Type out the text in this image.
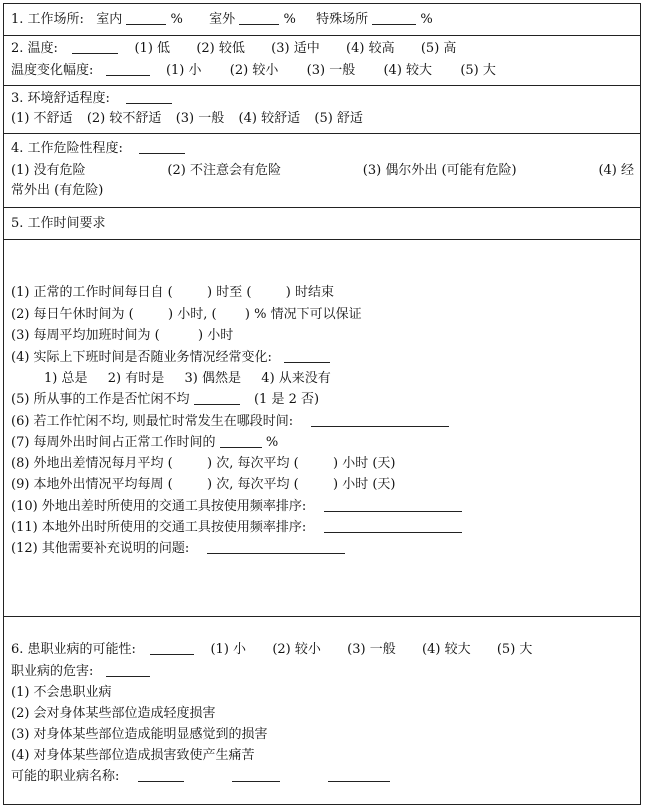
1. 工作场所: 室内	% 室外	% 特殊场所	%
2. 温度:	(1) 低 (2) 较低 (3) 适中 (4) 较高 (5) 高
温度变化幅度:	(1) 小 (2) 较小 (3) 一般 (4) 较大 (5) 大
3. 环境舒适程度:
(1) 不舒适 (2) 较不舒适 (3) 一般 (4) 较舒适 (5) 舒适
4. 工作危险性程度:
(1) 没有危险	(2) 不注意会有危险	(3) 偶尔外出 (可能有危险)	(4) 经
常外出 (有危险)
5. 工作时间要求
(1) 正常的工作时间每日自 (	) 时至 (	) 时结束
(2) 每日午休时间为 (	) 小时, ( ) % 情况下可以保证
(3) 每周平均加班时间为 (	) 小时
(4) 实际上下班时间是否随业务情况经常变化:
1) 总是 2) 有时是 3) 偶然是 4) 从来没有
(5) 所从事的工作是否忙闲不均	(1 是 2 否)
(6) 若工作忙闲不均, 则最忙时常发生在哪段时间:
(7) 每周外出时间占正常工作时间的	%
(8) 外地出差情况每月平均 (	) 次, 每次平均 (	) 小时 (天)
(9) 本地外出情况平均每周 (	) 次, 每次平均 (	) 小时 (天)
(10) 外地出差时所使用的交通工具按使用频率排序:
(11) 本地外出时所使用的交通工具按使用频率排序:
(12) 其他需要补充说明的问题:
6. 患职业病的可能性:	(1) 小 (2) 较小 (3) 一般 (4) 较大 (5) 大
职业病的危害:
(1) 不会患职业病
(2) 会对身体某些部位造成轻度损害
(3) 对身体某些部位造成能明显感觉到的损害
(4) 对身体某些部位造成损害致使产生痛苦
可能的职业病名称:
